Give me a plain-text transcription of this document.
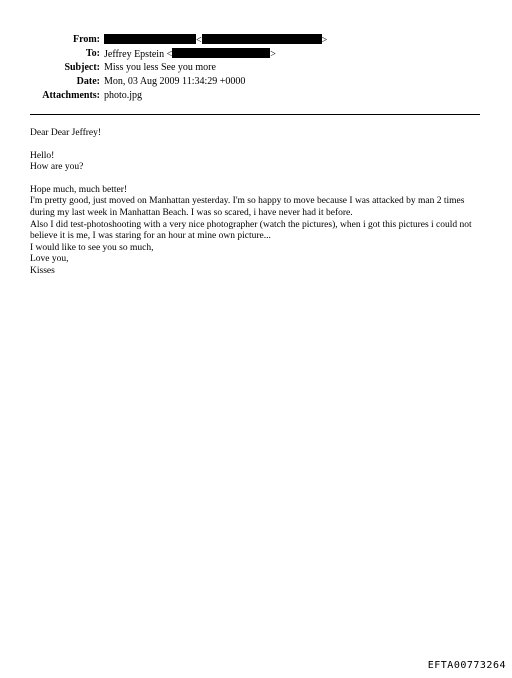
From:	<	>
To: Jeffrey Epstein <	>
Subject: Miss you less See you more
Date: Mon, 03 Aug 2009 11:34:29 +0000
Attachments: photo.jpg

Dear Dear Jeffrey!

Hello!

How are you?

Hope much, much better!

I'm pretty good, just moved on Manhattan yesterday. I'm so happy to move because I was attacked by man 2 times during my last week in Manhattan Beach. I was so scared, i have never had it before.

Also I did test-photoshooting with a very nice photographer (watch the pictures), when i got this pictures i could not believe it is me, I was staring for an hour at mine own picture...

I would like to see you so much,

Love you,

Kisses

EFTA00773264
